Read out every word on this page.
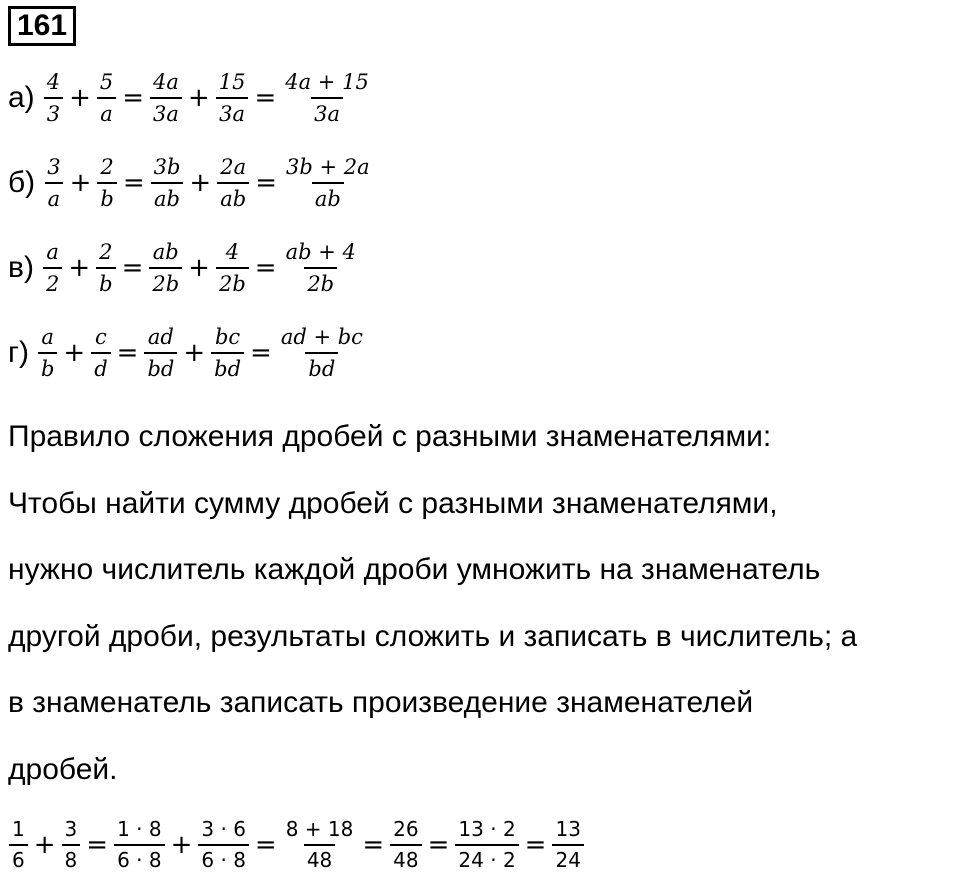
161
$а) \frac{4}{3} + \frac{5}{a} = \frac{4a}{3a} + \frac{15}{3a} = \frac{4a + 15}{3a}$
$б) \frac{3}{a} + \frac{2}{b} = \frac{3b}{ab} + \frac{2a}{ab} = \frac{3b + 2a}{ab}$
$в) \frac{a}{2} + \frac{2}{b} = \frac{ab}{2b} + \frac{4}{2b} = \frac{ab + 4}{2b}$
$г) \frac{a}{b} + \frac{c}{d} = \frac{ad}{bd} + \frac{bc}{bd} = \frac{ad + bc}{bd}$

Правило сложения дробей с разными знаменателями:

Чтобы найти сумму дробей с разными знаменателями,

нужно числитель каждой дроби умножить на знаменатель

другой дроби, результаты сложить и записать в числитель; а

в знаменатель записать произведение знаменателей

дробей.

$\frac{1}{6} + \frac{3}{8} = \frac{1 \cdot 8}{6 \cdot 8} + \frac{3 \cdot 6}{6 \cdot 8} = \frac{8 + 18}{48} = \frac{26}{48} = \frac{13 \cdot 2}{24 \cdot 2} = \frac{13}{24}$
